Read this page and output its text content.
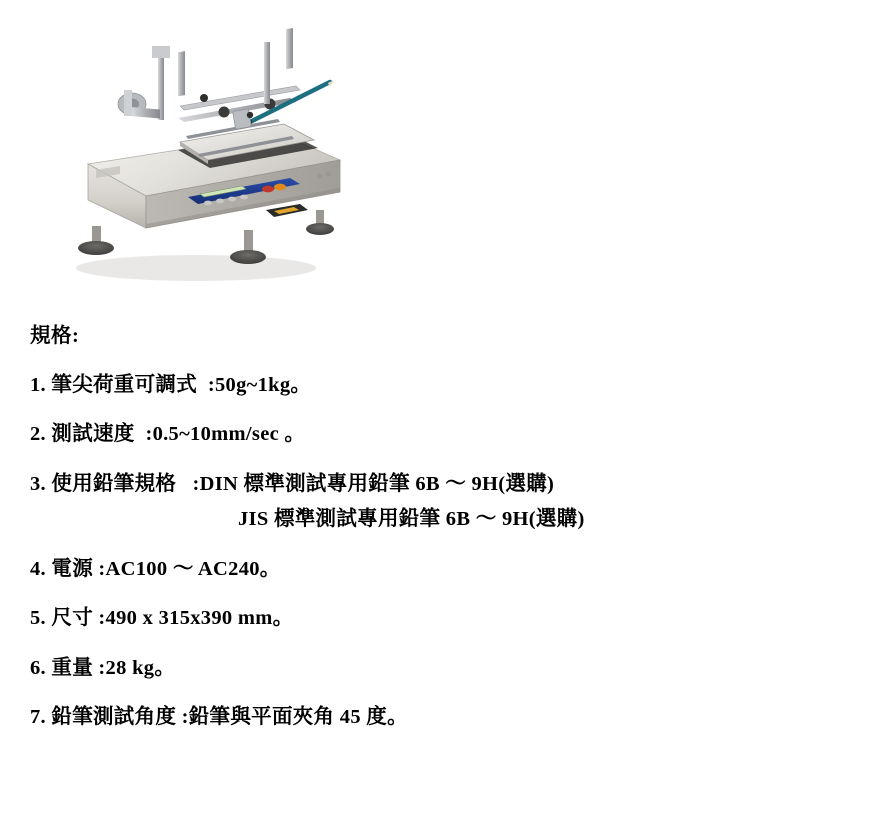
規格:
1. 筆尖荷重可調式  :50g~1kg。
2. 測試速度  :0.5~10mm/sec 。
3. 使用鉛筆規格   :DIN 標準測試專用鉛筆 6B ～ 9H(選購)
JIS 標準測試專用鉛筆 6B ～ 9H(選購)
4. 電源 :AC100 ～ AC240。
5. 尺寸 :490 x 315x390 mm。
6. 重量 :28 kg。
7. 鉛筆測試角度 :鉛筆與平面夾角 45 度。
